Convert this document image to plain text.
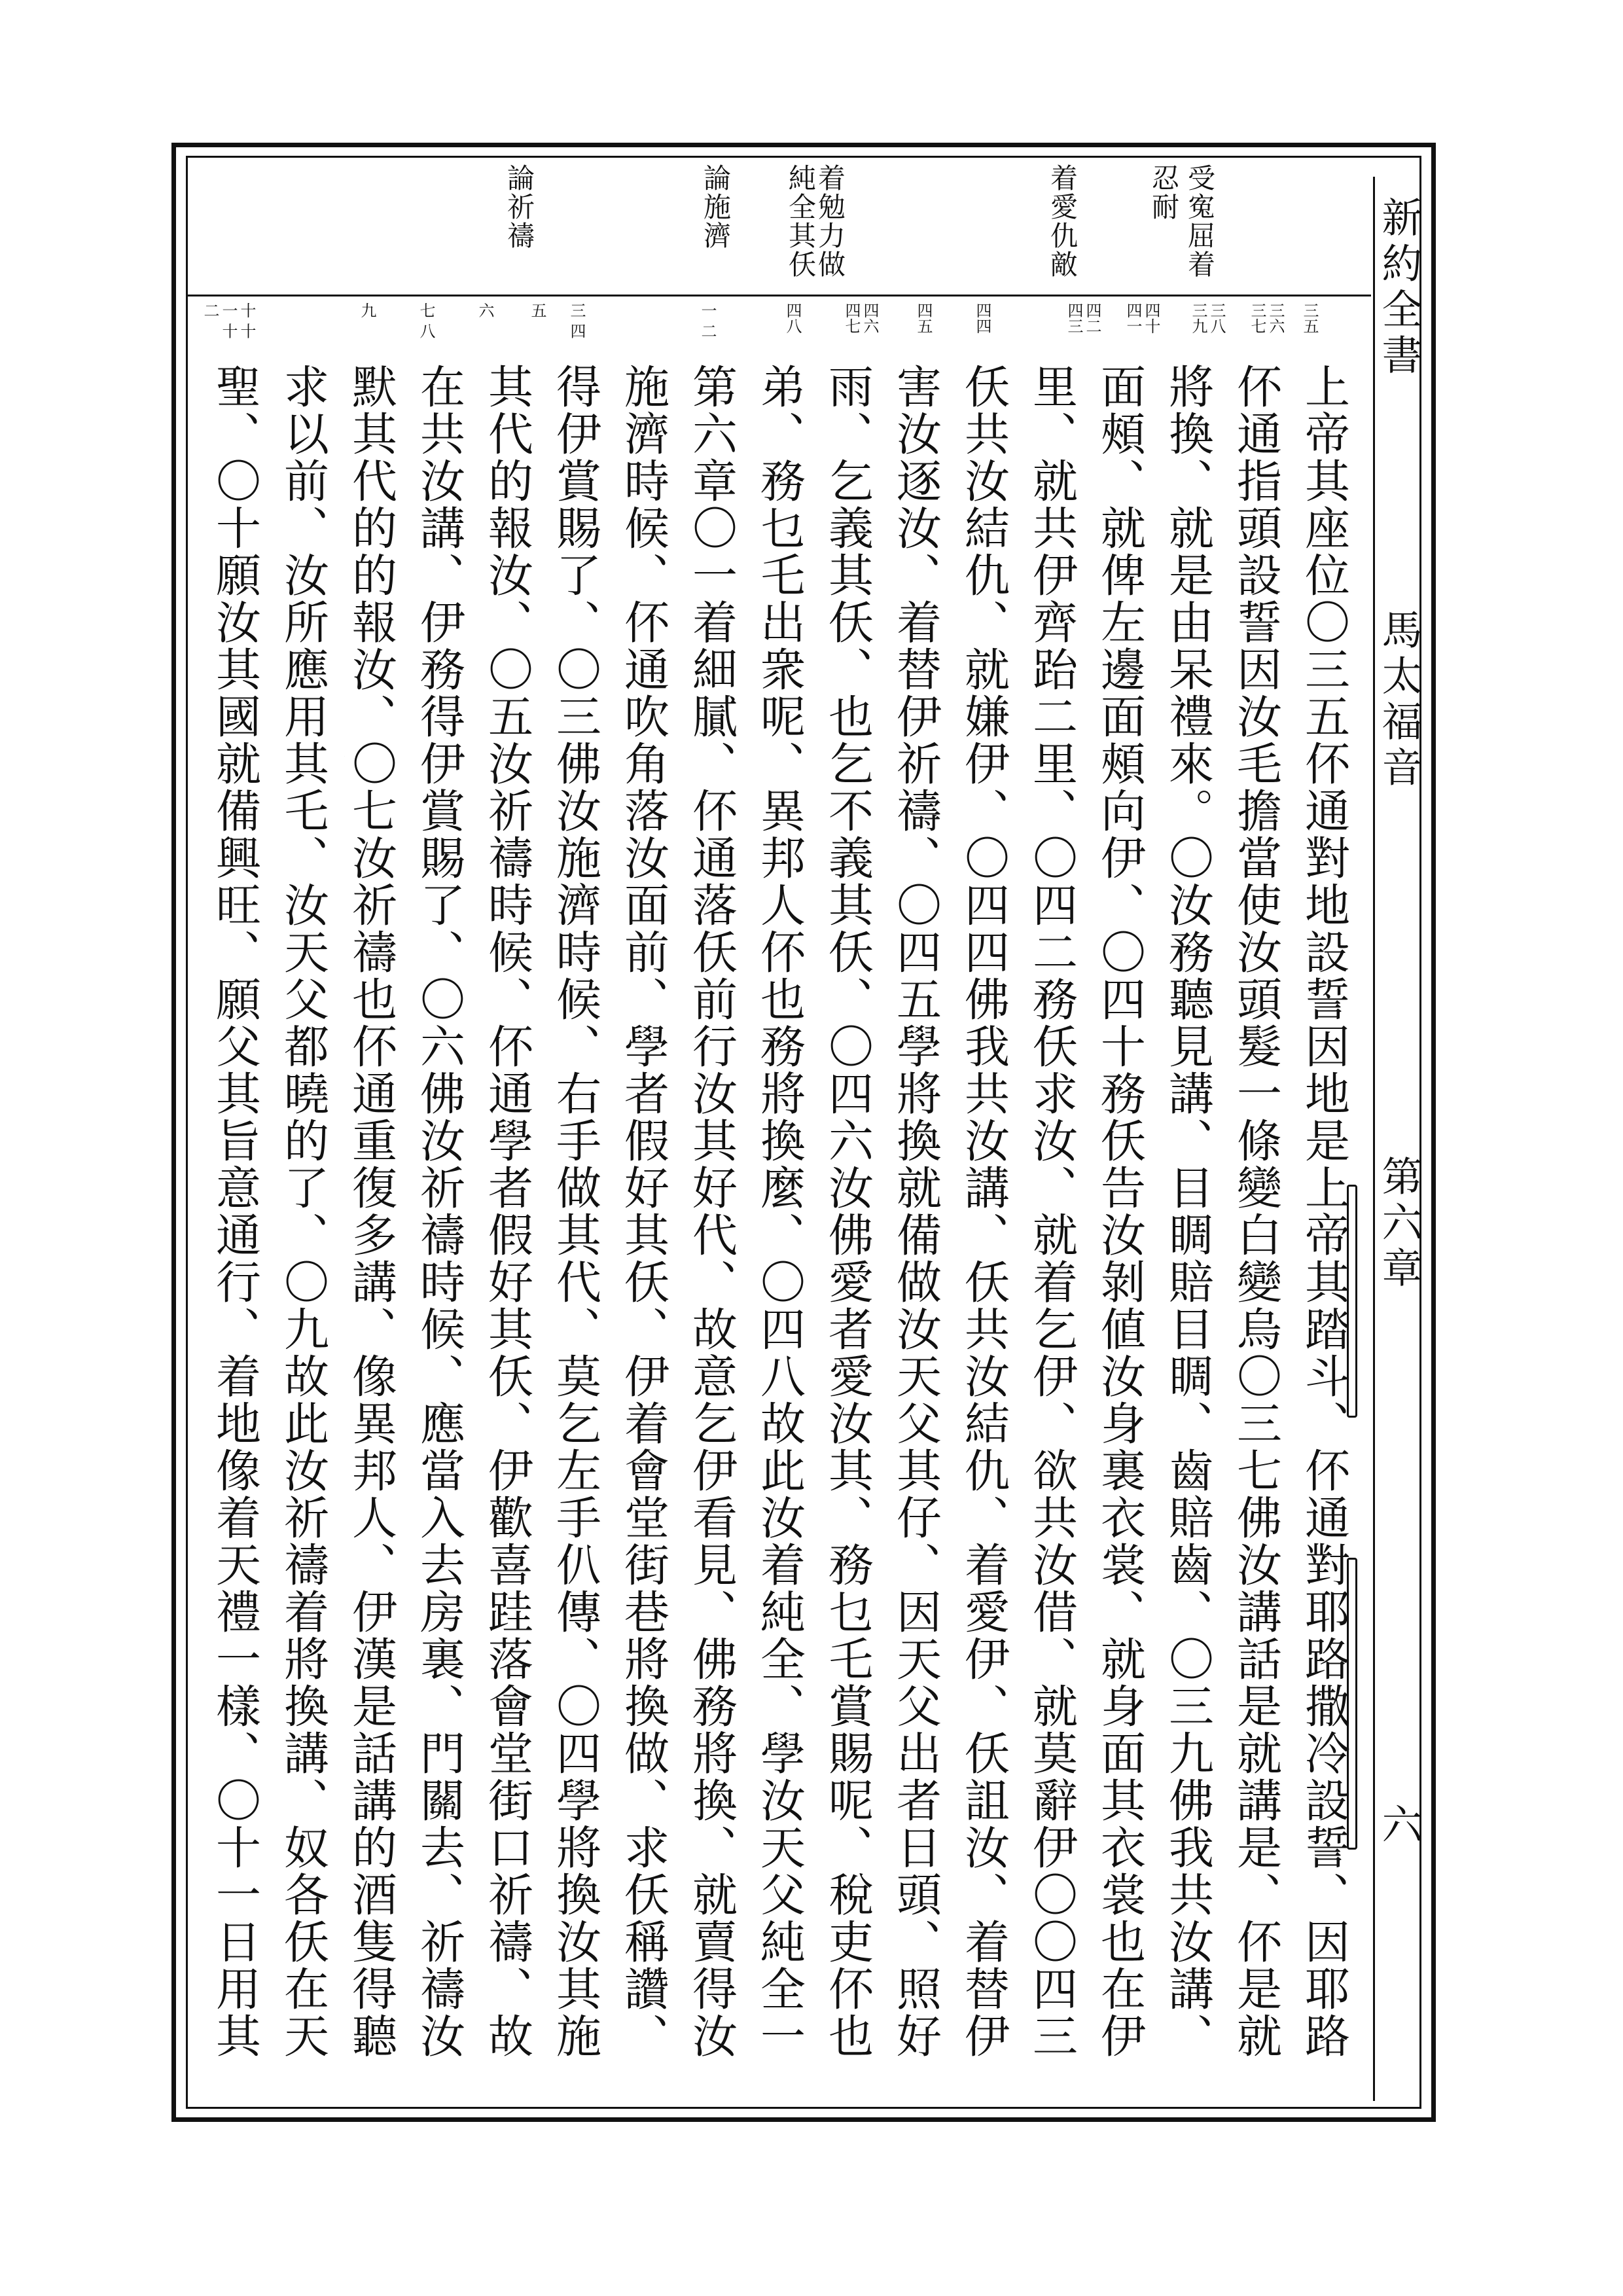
新約全書
馬太福音
第六章
六
受寃屈着
忍耐
着愛仇敵
着勉力做
純全其仸
論施濟
論祈禱
三五
三六 三七
三八 三九
四十 四一
四二 四三
四四
四五
四六 四七
四八
一 二
三 四
五
六
七 八
九
十 十一 十二
上帝其座位〇三五伓通對地設誓因地是上帝其踏斗、伓通對耶路撒冷設誓、因耶路
伓通指頭設誓因汝毛擔當使汝頭髮一條變白變烏〇三七佛汝講話是就講是、伓是就
將換、就是由呆禮來。〇汝務聽見講、目睭賠目睭、齒賠齒、〇三九佛我共汝講、
面頰、就俾左邊面頰向伊、〇四十務仸告汝剝値汝身裏衣裳、就身面其衣裳也在伊
里、就共伊齊跆二里、〇四二務仸求汝、就着乞伊、欲共汝借、就莫辭伊〇〇四三
仸共汝結仇、就嫌伊、〇四四佛我共汝講、仸共汝結仇、着愛伊、仸詛汝、着替伊
害汝逐汝、着替伊祈禱、〇四五學將換就備做汝天父其仔、因天父出者日頭、照好
雨、乞義其仸、也乞不義其仸、〇四六汝佛愛者愛汝其、務乜乇賞賜呢、稅吏伓也
弟、務乜乇出衆呢、異邦人伓也務將換麼、〇四八故此汝着純全、學汝天父純全一
第六章〇一着細膩、伓通落仸前行汝其好代、故意乞伊看見、佛務將換、就賣得汝
施濟時候、伓通吹角落汝面前、學者假好其仸、伊着會堂街巷將換做、求仸稱讚、
得伊賞賜了、〇三佛汝施濟時候、右手做其代、莫乞左手仈傳、〇四學將換汝其施
其代的報汝、〇五汝祈禱時候、伓通學者假好其仸、伊歡喜跬落會堂街口祈禱、故
在共汝講、伊務得伊賞賜了、〇六佛汝祈禱時候、應當入去房裏、門關去、祈禱汝
默其代的的報汝、〇七汝祈禱也伓通重復多講、像異邦人、伊漢是話講的酒隻得聽
求以前、汝所應用其乇、汝天父都曉的了、〇九故此汝祈禱着將換講、奴各仸在天
聖、〇十願汝其國就備興旺、願父其旨意通行、着地像着天禮一樣、〇十一日用其
